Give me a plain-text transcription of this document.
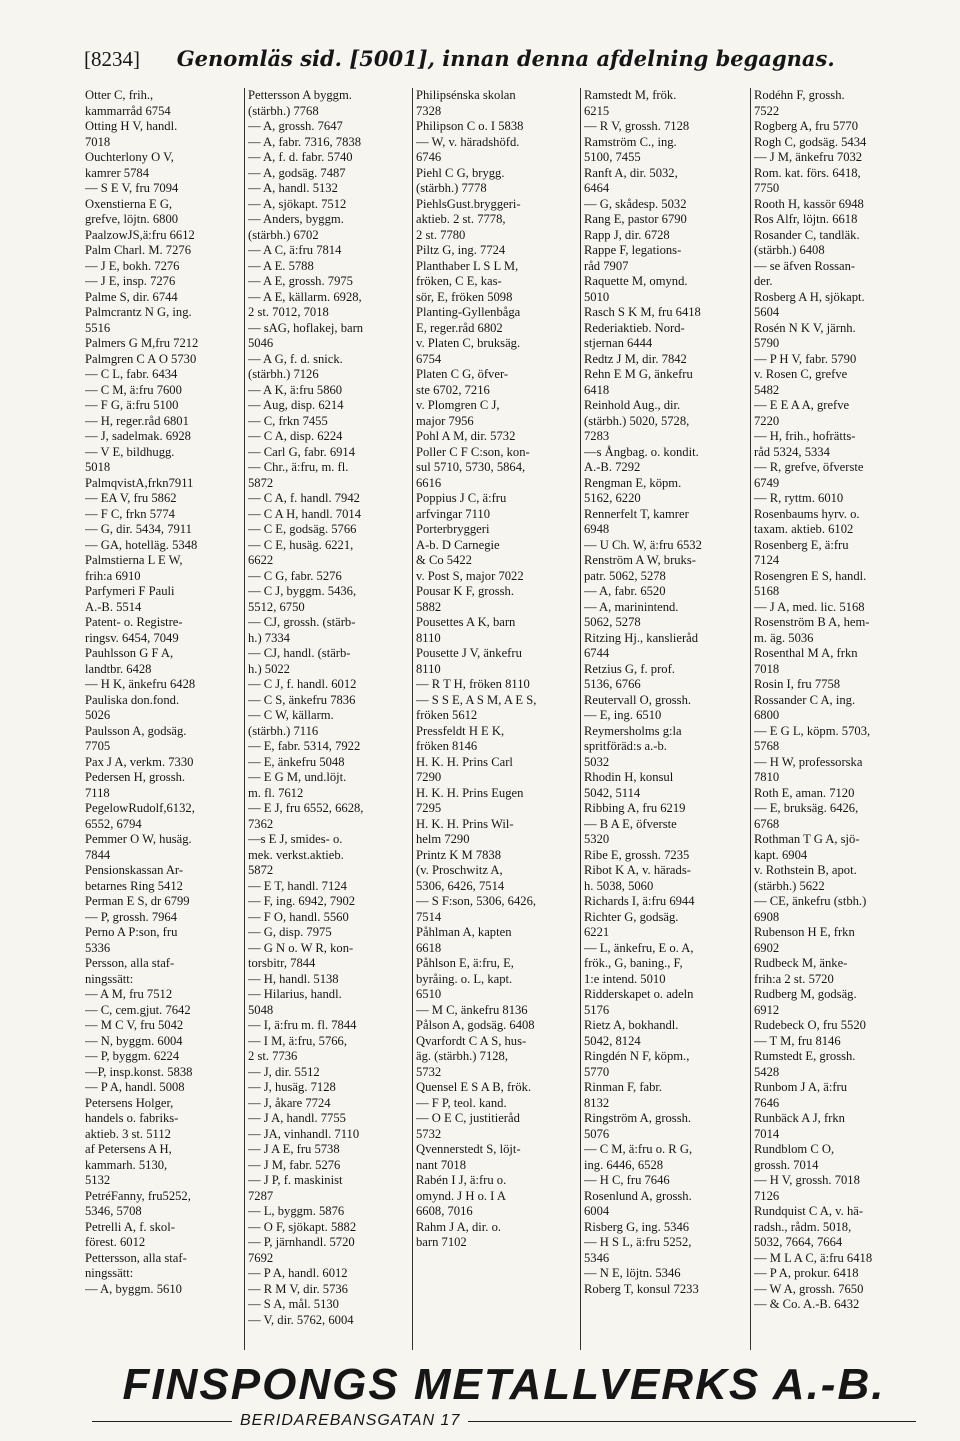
[8234] Genomläs sid. [5001], innan denna afdelning begagnas.
Otter C, frih.,
kammarråd 6754
Otting H V, handl.
7018
Ouchterlony O V,
kamrer 5784
— S E V, fru 7094
Oxenstierna E G,
grefve, löjtn. 6800
PaalzowJS,ä:fru 6612
Palm Charl. M. 7276
— J E, bokh. 7276
— J E, insp. 7276
Palme S, dir. 6744
Palmcrantz N G, ing.
5516
Palmers G M,fru 7212
Palmgren C A O 5730
— C L, fabr. 6434
— C M, ä:fru 7600
— F G, ä:fru 5100
— H, reger.råd 6801
— J, sadelmak. 6928
— V E, bildhugg.
5018
PalmqvistA,frkn7911
— EA V, fru 5862
— F C, frkn 5774
— G, dir. 5434, 7911
— GA, hotelläg. 5348
Palmstierna L E W,
frih:a 6910
Parfymeri F Pauli
A.-B. 5514
Patent- o. Registre-
ringsv. 6454, 7049
Pauhlsson G F A,
landtbr. 6428
— H K, änkefru 6428
Pauliska don.fond.
5026
Paulsson A, godsäg.
7705
Pax J A, verkm. 7330
Pedersen H, grossh.
7118
PegelowRudolf,6132,
6552, 6794
Pemmer O W, husäg.
7844
Pensionskassan Ar-
betarnes Ring 5412
Perman E S, dr 6799
— P, grossh. 7964
Perno A P:son, fru
5336
Persson, alla staf-
ningssätt:
— A M, fru 7512
— C, cem.gjut. 7642
— M C V, fru 5042
— N, byggm. 6004
— P, byggm. 6224
—P, insp.konst. 5838
— P A, handl. 5008
Petersens Holger,
handels o. fabriks-
aktieb. 3 st. 5112
af Petersens A H,
kammarh. 5130,
5132
PetréFanny, fru5252,
5346, 5708
Petrelli A, f. skol-
förest. 6012
Pettersson, alla staf-
ningssätt:
— A, byggm. 5610
Pettersson A byggm.
(stärbh.) 7768
— A, grossh. 7647
— A, fabr. 7316, 7838
— A, f. d. fabr. 5740
— A, godsäg. 7487
— A, handl. 5132
— A, sjökapt. 7512
— Anders, byggm.
(stärbh.) 6702
— A C, ä:fru 7814
— A E. 5788
— A E, grossh. 7975
— A E, källarm. 6928,
2 st. 7012, 7018
— sAG, hoflakej, barn
5046
— A G, f. d. snick.
(stärbh.) 7126
— A K, ä:fru 5860
— Aug, disp. 6214
— C, frkn 7455
— C A, disp. 6224
— Carl G, fabr. 6914
— Chr., ä:fru, m. fl.
5872
— C A, f. handl. 7942
— C A H, handl. 7014
— C E, godsäg. 5766
— C E, husäg. 6221,
6622
— C G, fabr. 5276
— C J, byggm. 5436,
5512, 6750
— CJ, grossh. (stärb-
h.) 7334
— CJ, handl. (stärb-
h.) 5022
— C J, f. handl. 6012
— C S, änkefru 7836
— C W, källarm.
(stärbh.) 7116
— E, fabr. 5314, 7922
— E, änkefru 5048
— E G M, und.löjt.
m. fl. 7612
— E J, fru 6552, 6628,
7362
—s E J, smides- o.
mek. verkst.aktieb.
5872
— E T, handl. 7124
— F, ing. 6942, 7902
— F O, handl. 5560
— G, disp. 7975
— G N o. W R, kon-
torsbitr, 7844
— H, handl. 5138
— Hilarius, handl.
5048
— I, ä:fru m. fl. 7844
— I M, ä:fru, 5766,
2 st. 7736
— J, dir. 5512
— J, husäg. 7128
— J, åkare 7724
— J A, handl. 7755
— JA, vinhandl. 7110
— J A E, fru 5738
— J M, fabr. 5276
— J P, f. maskinist
7287
— L, byggm. 5876
— O F, sjökapt. 5882
— P, järnhandl. 5720
7692
— P A, handl. 6012
— R M V, dir. 5736
— S A, mål. 5130
— V, dir. 5762, 6004
Philipsénska skolan
7328
Philipson C o. I 5838
— W, v. häradshöfd.
6746
Piehl C G, brygg.
(stärbh.) 7778
PiehlsGust.bryggeri-
aktieb. 2 st. 7778,
2 st. 7780
Piltz G, ing. 7724
Planthaber L S L M,
fröken, C E, kas-
sör, E, fröken 5098
Planting-Gyllenbåga
E, reger.råd 6802
v. Platen C, bruksäg.
6754
Platen C G, öfver-
ste 6702, 7216
v. Plomgren C J,
major 7956
Pohl A M, dir. 5732
Poller C F C:son, kon-
sul 5710, 5730, 5864,
6616
Poppius J C, ä:fru
arfvingar 7110
Porterbryggeri
A-b. D Carnegie
& Co 5422
v. Post S, major 7022
Pousar K F, grossh.
5882
Pousettes A K, barn
8110
Pousette J V, änkefru
8110
— R T H, fröken 8110
— S S E, A S M, A E S,
fröken 5612
Pressfeldt H E K,
fröken 8146
H. K. H. Prins Carl
7290
H. K. H. Prins Eugen
7295
H. K. H. Prins Wil-
helm 7290
Printz K M 7838
(v. Proschwitz A,
5306, 6426, 7514
— S F:son, 5306, 6426,
7514
Påhlman A, kapten
6618
Påhlson E, ä:fru, E,
byråing. o. L, kapt.
6510
— M C, änkefru 8136
Pålson A, godsäg. 6408
Qvarfordt C A S, hus-
äg. (stärbh.) 7128,
5732
Quensel E S A B, frök.
— F P, teol. kand.
— O E C, justitieråd
5732
Qvennerstedt S, löjt-
nant 7018
Rabén I J, ä:fru o.
omynd. J H o. I A
6608, 7016
Rahm J A, dir. o.
barn 7102
Ramstedt M, frök.
6215
— R V, grossh. 7128
Ramström C., ing.
5100, 7455
Ranft A, dir. 5032,
6464
— G, skådesp. 5032
Rang E, pastor 6790
Rapp J, dir. 6728
Rappe F, legations-
råd 7907
Raquette M, omynd.
5010
Rasch S K M, fru 6418
Rederiaktieb. Nord-
stjernan 6444
Redtz J M, dir. 7842
Rehn E M G, änkefru
6418
Reinhold Aug., dir.
(stärbh.) 5020, 5728,
7283
—s Ångbag. o. kondit.
A.-B. 7292
Rengman E, köpm.
5162, 6220
Rennerfelt T, kamrer
6948
— U Ch. W, ä:fru 6532
Renström A W, bruks-
patr. 5062, 5278
— A, fabr. 6520
— A, marinintend.
5062, 5278
Ritzing Hj., kanslieråd
6744
Retzius G, f. prof.
5136, 6766
Reutervall O, grossh.
— E, ing. 6510
Reymersholms g:la
spritföräd:s a.-b.
5032
Rhodin H, konsul
5042, 5114
Ribbing A, fru 6219
— B A E, öfverste
5320
Ribe E, grossh. 7235
Ribot K A, v. härads-
h. 5038, 5060
Richards I, ä:fru 6944
Richter G, godsäg.
6221
— L, änkefru, E o. A,
frök., G, baning., F,
1:e intend. 5010
Ridderskapet o. adeln
5176
Rietz A, bokhandl.
5042, 8124
Ringdén N F, köpm.,
5770
Rinman F, fabr.
8132
Ringström A, grossh.
5076
— C M, ä:fru o. R G,
ing. 6446, 6528
— H C, fru 7646
Rosenlund A, grossh.
6004
Risberg G, ing. 5346
— H S L, ä:fru 5252,
5346
— N E, löjtn. 5346
Roberg T, konsul 7233
Rodéhn F, grossh.
7522
Rogberg A, fru 5770
Rogh C, godsäg. 5434
— J M, änkefru 7032
Rom. kat. förs. 6418,
7750
Rooth H, kassör 6948
Ros Alfr, löjtn. 6618
Rosander C, tandläk.
(stärbh.) 6408
— se äfven Rossan-
der.
Rosberg A H, sjökapt.
5604
Rosén N K V, järnh.
5790
— P H V, fabr. 5790
v. Rosen C, grefve
5482
— E E A A, grefve
7220
— H, frih., hofrätts-
råd 5324, 5334
— R, grefve, öfverste
6749
— R, ryttm. 6010
Rosenbaums hyrv. o.
taxam. aktieb. 6102
Rosenberg E, ä:fru
7124
Rosengren E S, handl.
5168
— J A, med. lic. 5168
Rosenström B A, hem-
m. äg. 5036
Rosenthal M A, frkn
7018
Rosin I, fru 7758
Rossander C A, ing.
6800
— E G L, köpm. 5703,
5768
— H W, professorska
7810
Roth E, aman. 7120
— E, bruksäg. 6426,
6768
Rothman T G A, sjö-
kapt. 6904
v. Rothstein B, apot.
(stärbh.) 5622
— CE, änkefru (stbh.)
6908
Rubenson H E, frkn
6902
Rudbeck M, änke-
frih:a 2 st. 5720
Rudberg M, godsäg.
6912
Rudebeck O, fru 5520
— T M, fru 8146
Rumstedt E, grossh.
5428
Runbom J A, ä:fru
7646
Runbäck A J, frkn
7014
Rundblom C O,
grossh. 7014
— H V, grossh. 7018
7126
Rundquist C A, v. hä-
radsh., rådm. 5018,
5032, 7664, 7664
— M L A C, ä:fru 6418
— P A, prokur. 6418
— W A, grossh. 7650
— & Co. A.-B. 6432
FINSPONGS METALLVERKS A.-B.
BERIDAREBANSGATAN 17
